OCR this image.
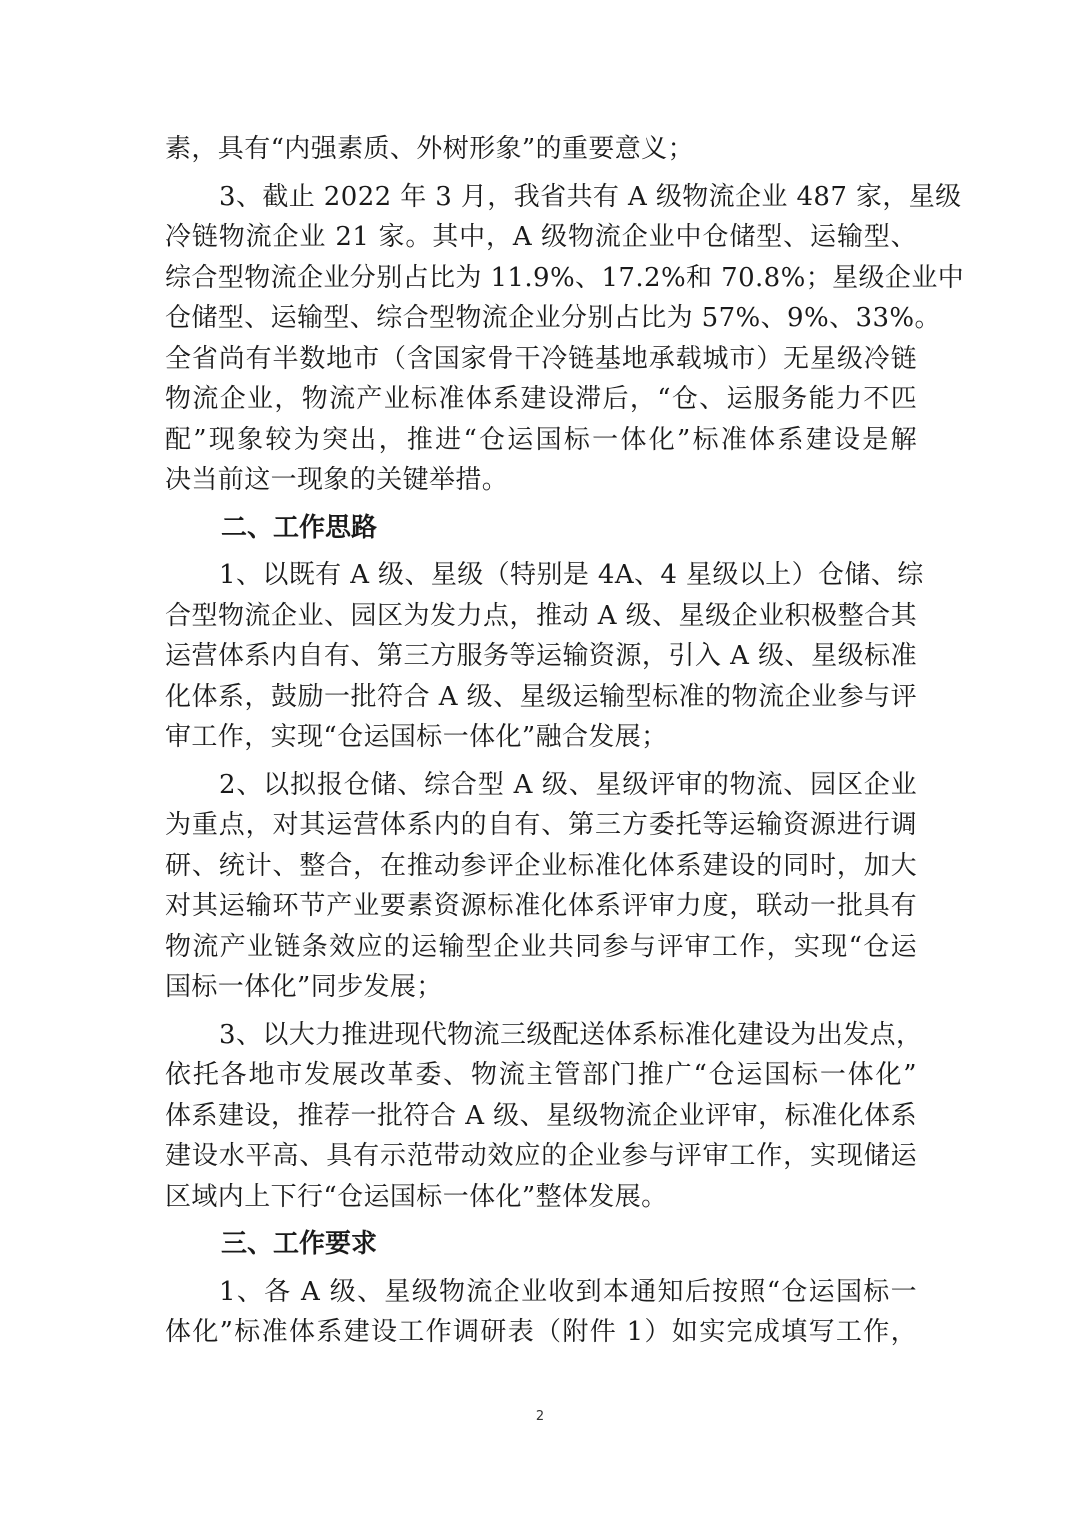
素，具有“内强素质、外树形象”的重要意义；

3、截止 2022 年 3 月，我省共有 A 级物流企业 487 家，星级
冷链物流企业 21 家。其中，A 级物流企业中仓储型、运输型、
综合型物流企业分别占比为 11.9%、17.2%和 70.8%；星级企业中
仓储型、运输型、综合型物流企业分别占比为 57%、9%、33%。
全省尚有半数地市（含国家骨干冷链基地承载城市）无星级冷链
物流企业，物流产业标准体系建设滞后，“仓、运服务能力不匹
配”现象较为突出，推进“仓运国标一体化”标准体系建设是解
决当前这一现象的关键举措。

二、工作思路

1、以既有 A 级、星级（特别是 4A、4 星级以上）仓储、综
合型物流企业、园区为发力点，推动 A 级、星级企业积极整合其
运营体系内自有、第三方服务等运输资源，引入 A 级、星级标准
化体系，鼓励一批符合 A 级、星级运输型标准的物流企业参与评
审工作，实现“仓运国标一体化”融合发展；

2、以拟报仓储、综合型 A 级、星级评审的物流、园区企业
为重点，对其运营体系内的自有、第三方委托等运输资源进行调
研、统计、整合，在推动参评企业标准化体系建设的同时，加大
对其运输环节产业要素资源标准化体系评审力度，联动一批具有
物流产业链条效应的运输型企业共同参与评审工作，实现“仓运
国标一体化”同步发展；

3、以大力推进现代物流三级配送体系标准化建设为出发点，
依托各地市发展改革委、物流主管部门推广“仓运国标一体化”
体系建设，推荐一批符合 A 级、星级物流企业评审，标准化体系
建设水平高、具有示范带动效应的企业参与评审工作，实现储运
区域内上下行“仓运国标一体化”整体发展。

三、工作要求

1、各 A 级、星级物流企业收到本通知后按照“仓运国标一
体化”标准体系建设工作调研表（附件 1）如实完成填写工作，

2
